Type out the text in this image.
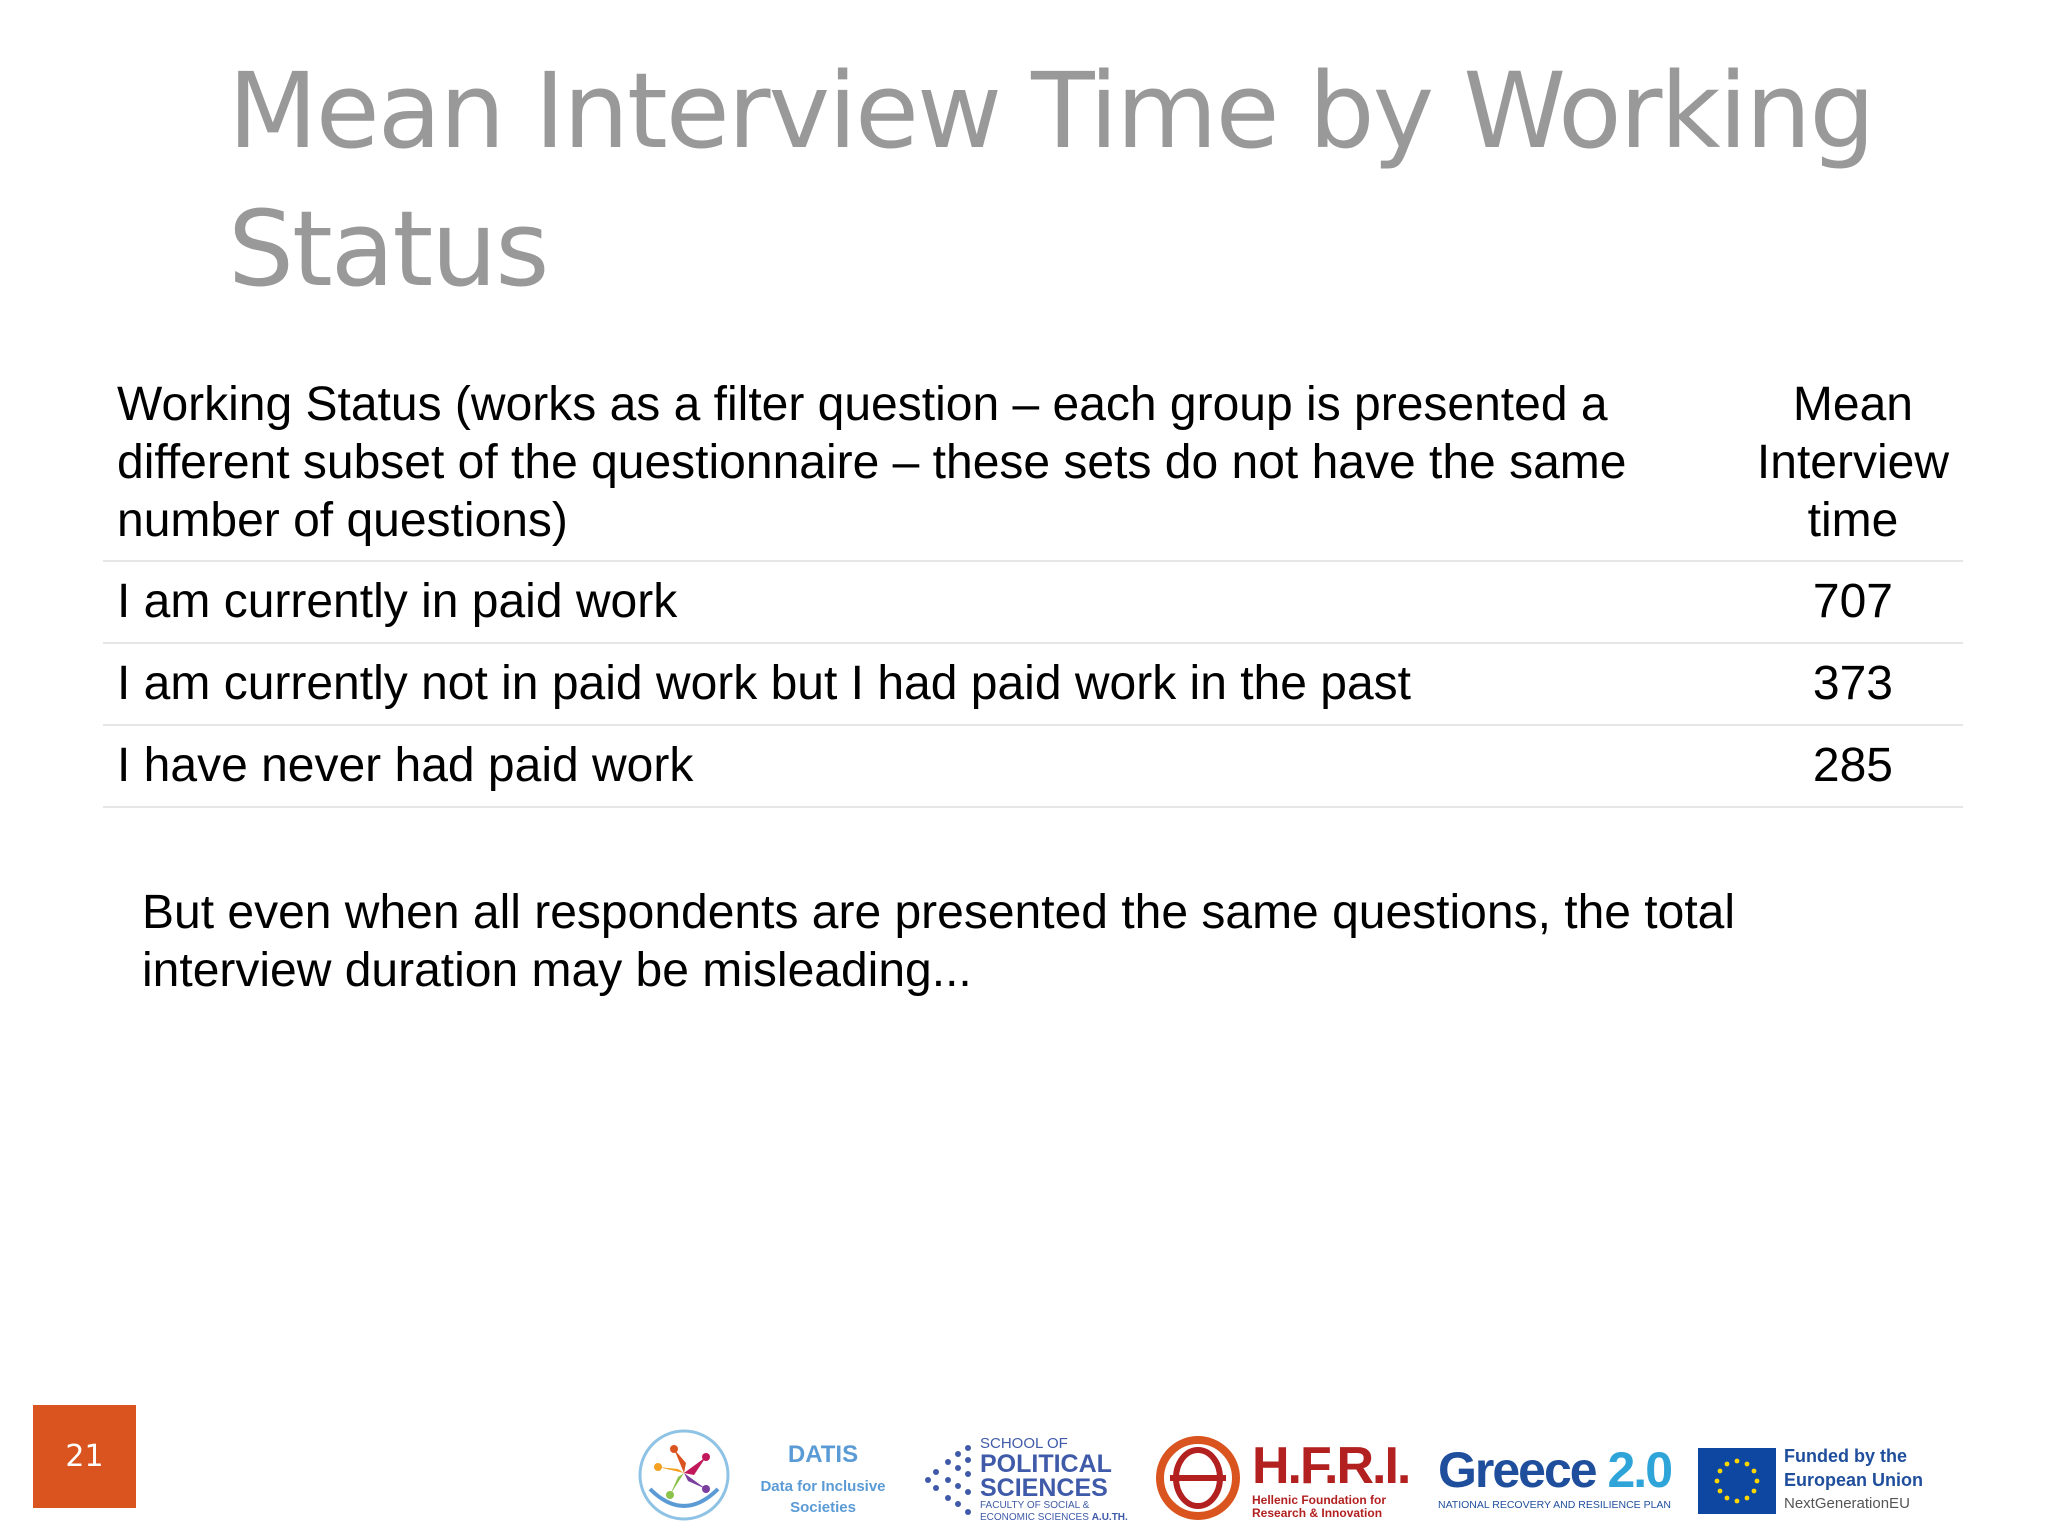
Mean Interview Time by Working Status
Working Status (works as a filter question – each group is presented a different subset of the questionnaire – these sets do not have the same number of questions)	Mean Interview time
I am currently in paid work	707
I am currently not in paid work but I had paid work in the past	373
I have never had paid work	285

But even when all respondents are presented the same questions, the total interview duration may be misleading...

21	DATIS
Data for Inclusive
Societies
SCHOOL OF
POLITICAL
SCIENCES
FACULTY OF SOCIAL &
ECONOMIC SCIENCES A.U.TH.
H.F.R.I.
Hellenic Foundation for
Research & Innovation
Greece 2.0
NATIONAL RECOVERY AND RESILIENCE PLAN
Funded by the
European Union
NextGenerationEU
